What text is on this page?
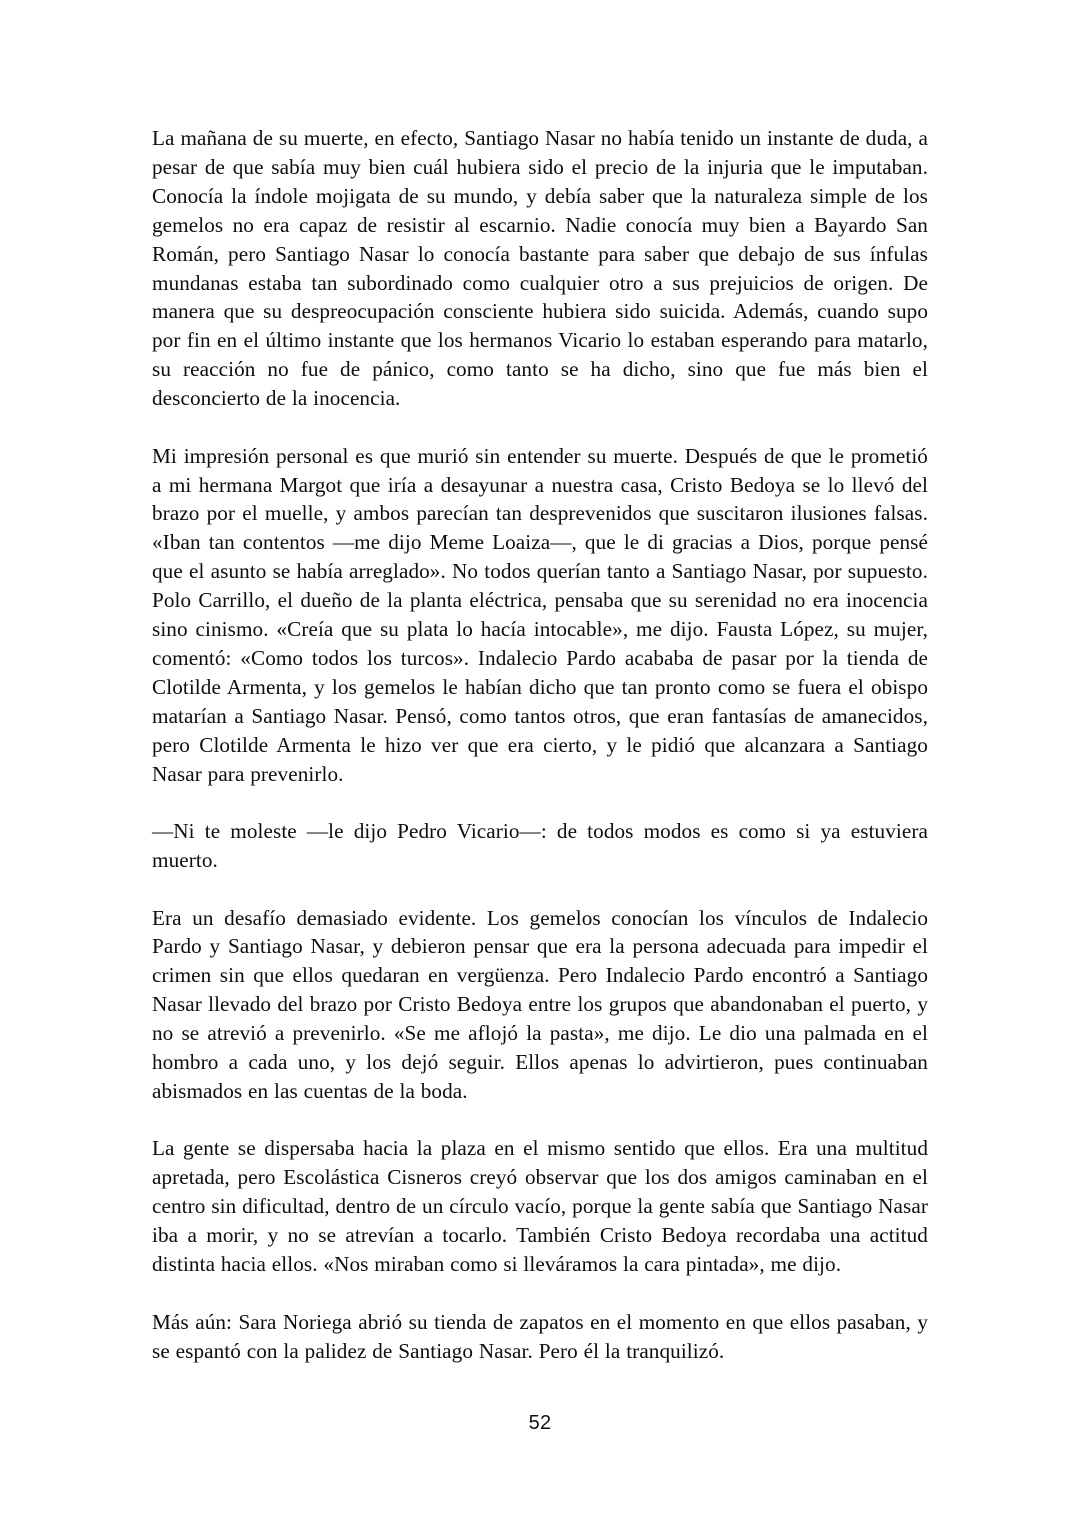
La mañana de su muerte, en efecto, Santiago Nasar no había tenido un instante de duda, a pesar de que sabía muy bien cuál hubiera sido el precio de la injuria que le imputaban. Conocía la índole mojigata de su mundo, y debía saber que la naturaleza simple de los gemelos no era capaz de resistir al escarnio. Nadie conocía muy bien a Bayardo San Román, pero Santiago Nasar lo conocía bastante para saber que debajo de sus ínfulas mundanas estaba tan subordinado como cualquier otro a sus prejuicios de origen. De manera que su despreocupación consciente hubiera sido suicida. Además, cuando supo por fin en el último instante que los hermanos Vicario lo estaban esperando para matarlo, su reacción no fue de pánico, como tanto se ha dicho, sino que fue más bien el desconcierto de la inocencia.

Mi impresión personal es que murió sin entender su muerte. Después de que le prometió a mi hermana Margot que iría a desayunar a nuestra casa, Cristo Bedoya se lo llevó del brazo por el muelle, y ambos parecían tan desprevenidos que suscitaron ilusiones falsas. «Iban tan contentos —me dijo Meme Loaiza—, que le di gracias a Dios, porque pensé que el asunto se había arreglado». No todos querían tanto a Santiago Nasar, por supuesto. Polo Carrillo, el dueño de la planta eléctrica, pensaba que su serenidad no era inocencia sino cinismo. «Creía que su plata lo hacía intocable», me dijo. Fausta López, su mujer, comentó: «Como todos los turcos». Indalecio Pardo acababa de pasar por la tienda de Clotilde Armenta, y los gemelos le habían dicho que tan pronto como se fuera el obispo matarían a Santiago Nasar. Pensó, como tantos otros, que eran fantasías de amanecidos, pero Clotilde Armenta le hizo ver que era cierto, y le pidió que alcanzara a Santiago Nasar para prevenirlo.

—Ni te moleste —le dijo Pedro Vicario—: de todos modos es como si ya estuviera muerto.

Era un desafío demasiado evidente. Los gemelos conocían los vínculos de Indalecio Pardo y Santiago Nasar, y debieron pensar que era la persona adecuada para impedir el crimen sin que ellos quedaran en vergüenza. Pero Indalecio Pardo encontró a Santiago Nasar llevado del brazo por Cristo Bedoya entre los grupos que abandonaban el puerto, y no se atrevió a prevenirlo. «Se me aflojó la pasta», me dijo. Le dio una palmada en el hombro a cada uno, y los dejó seguir. Ellos apenas lo advirtieron, pues continuaban abismados en las cuentas de la boda.

La gente se dispersaba hacia la plaza en el mismo sentido que ellos. Era una multitud apretada, pero Escolástica Cisneros creyó observar que los dos amigos caminaban en el centro sin dificultad, dentro de un círculo vacío, porque la gente sabía que Santiago Nasar iba a morir, y no se atrevían a tocarlo. También Cristo Bedoya recordaba una actitud distinta hacia ellos. «Nos miraban como si lleváramos la cara pintada», me dijo.

Más aún: Sara Noriega abrió su tienda de zapatos en el momento en que ellos pasaban, y se espantó con la palidez de Santiago Nasar. Pero él la tranquilizó.

52
